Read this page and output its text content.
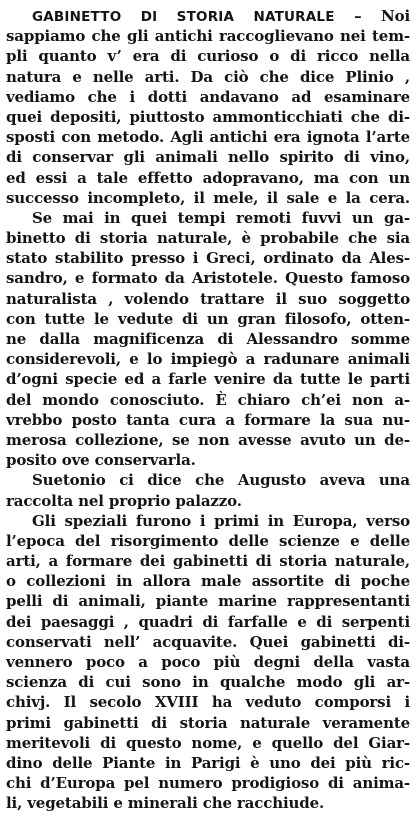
GABINETTO DI STORIA NATURALE – Noi
sappiamo che gli antichi raccoglievano nei tem-
pli quanto v’ era di curioso o di ricco nella
natura e nelle arti. Da ciò che dice Plinio ,
vediamo che i dotti andavano ad esaminare
quei depositi, piuttosto ammonticchiati che di-
sposti con metodo. Agli antichi era ignota l’arte
di conservar gli animali nello spirito di vino,
ed essi a tale effetto adopravano, ma con un
successo incompleto, il mele, il sale e la cera.
Se mai in quei tempi remoti fuvvi un ga-
binetto di storia naturale, è probabile che sia
stato stabilito presso i Greci, ordinato da Ales-
sandro, e formato da Aristotele. Questo famoso
naturalista , volendo trattare il suo soggetto
con tutte le vedute di un gran filosofo, otten-
ne dalla magnificenza di Alessandro somme
considerevoli, e lo impiegò a radunare animali
d’ogni specie ed a farle venire da tutte le parti
del mondo conosciuto. È chiaro ch’ei non a-
vrebbo posto tanta cura a formare la sua nu-
merosa collezione, se non avesse avuto un de-
posito ove conservarla.
Suetonio ci dice che Augusto aveva una
raccolta nel proprio palazzo.
Gli speziali furono i primi in Europa, verso
l’epoca del risorgimento delle scienze e delle
arti, a formare dei gabinetti di storia naturale,
o collezioni in allora male assortite di poche
pelli di animali, piante marine rappresentanti
dei paesaggi , quadri di farfalle e di serpenti
conservati nell’ acquavite. Quei gabinetti di-
vennero poco a poco più degni della vasta
scienza di cui sono in qualche modo gli ar-
chivj. Il secolo XVIII ha veduto comporsi i
primi gabinetti di storia naturale veramente
meritevoli di questo nome, e quello del Giar-
dino delle Piante in Parigi è uno dei più ric-
chi d’Europa pel numero prodigioso di anima-
li, vegetabili e minerali che racchiude.
